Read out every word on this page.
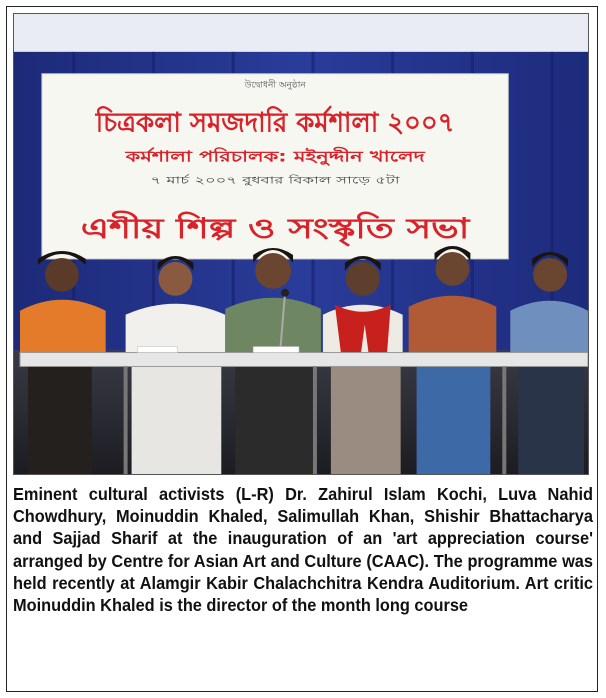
উদ্বোধনী অনুষ্ঠান
চিত্রকলা সমজদারি কর্মশালা ২০০৭
কর্মশালা পরিচালক: মইনুদ্দীন খালেদ
৭ মার্চ ২০০৭ বুধবার বিকাল সাড়ে ৫টা
এশীয় শিল্প ও সংস্কৃতি সভা
Eminent cultural activists (L-R) Dr. Zahirul Islam Kochi, Luva Nahid Chowdhury, Moinuddin Khaled, Salimullah Khan, Shishir Bhattacharya and Sajjad Sharif at the inauguration of an 'art appreciation course' arranged by Centre for Asian Art and Culture (CAAC). The programme was held recently at Alamgir Kabir Chalachchitra Kendra Auditorium. Art critic Moinuddin Khaled is the director of the month long course
